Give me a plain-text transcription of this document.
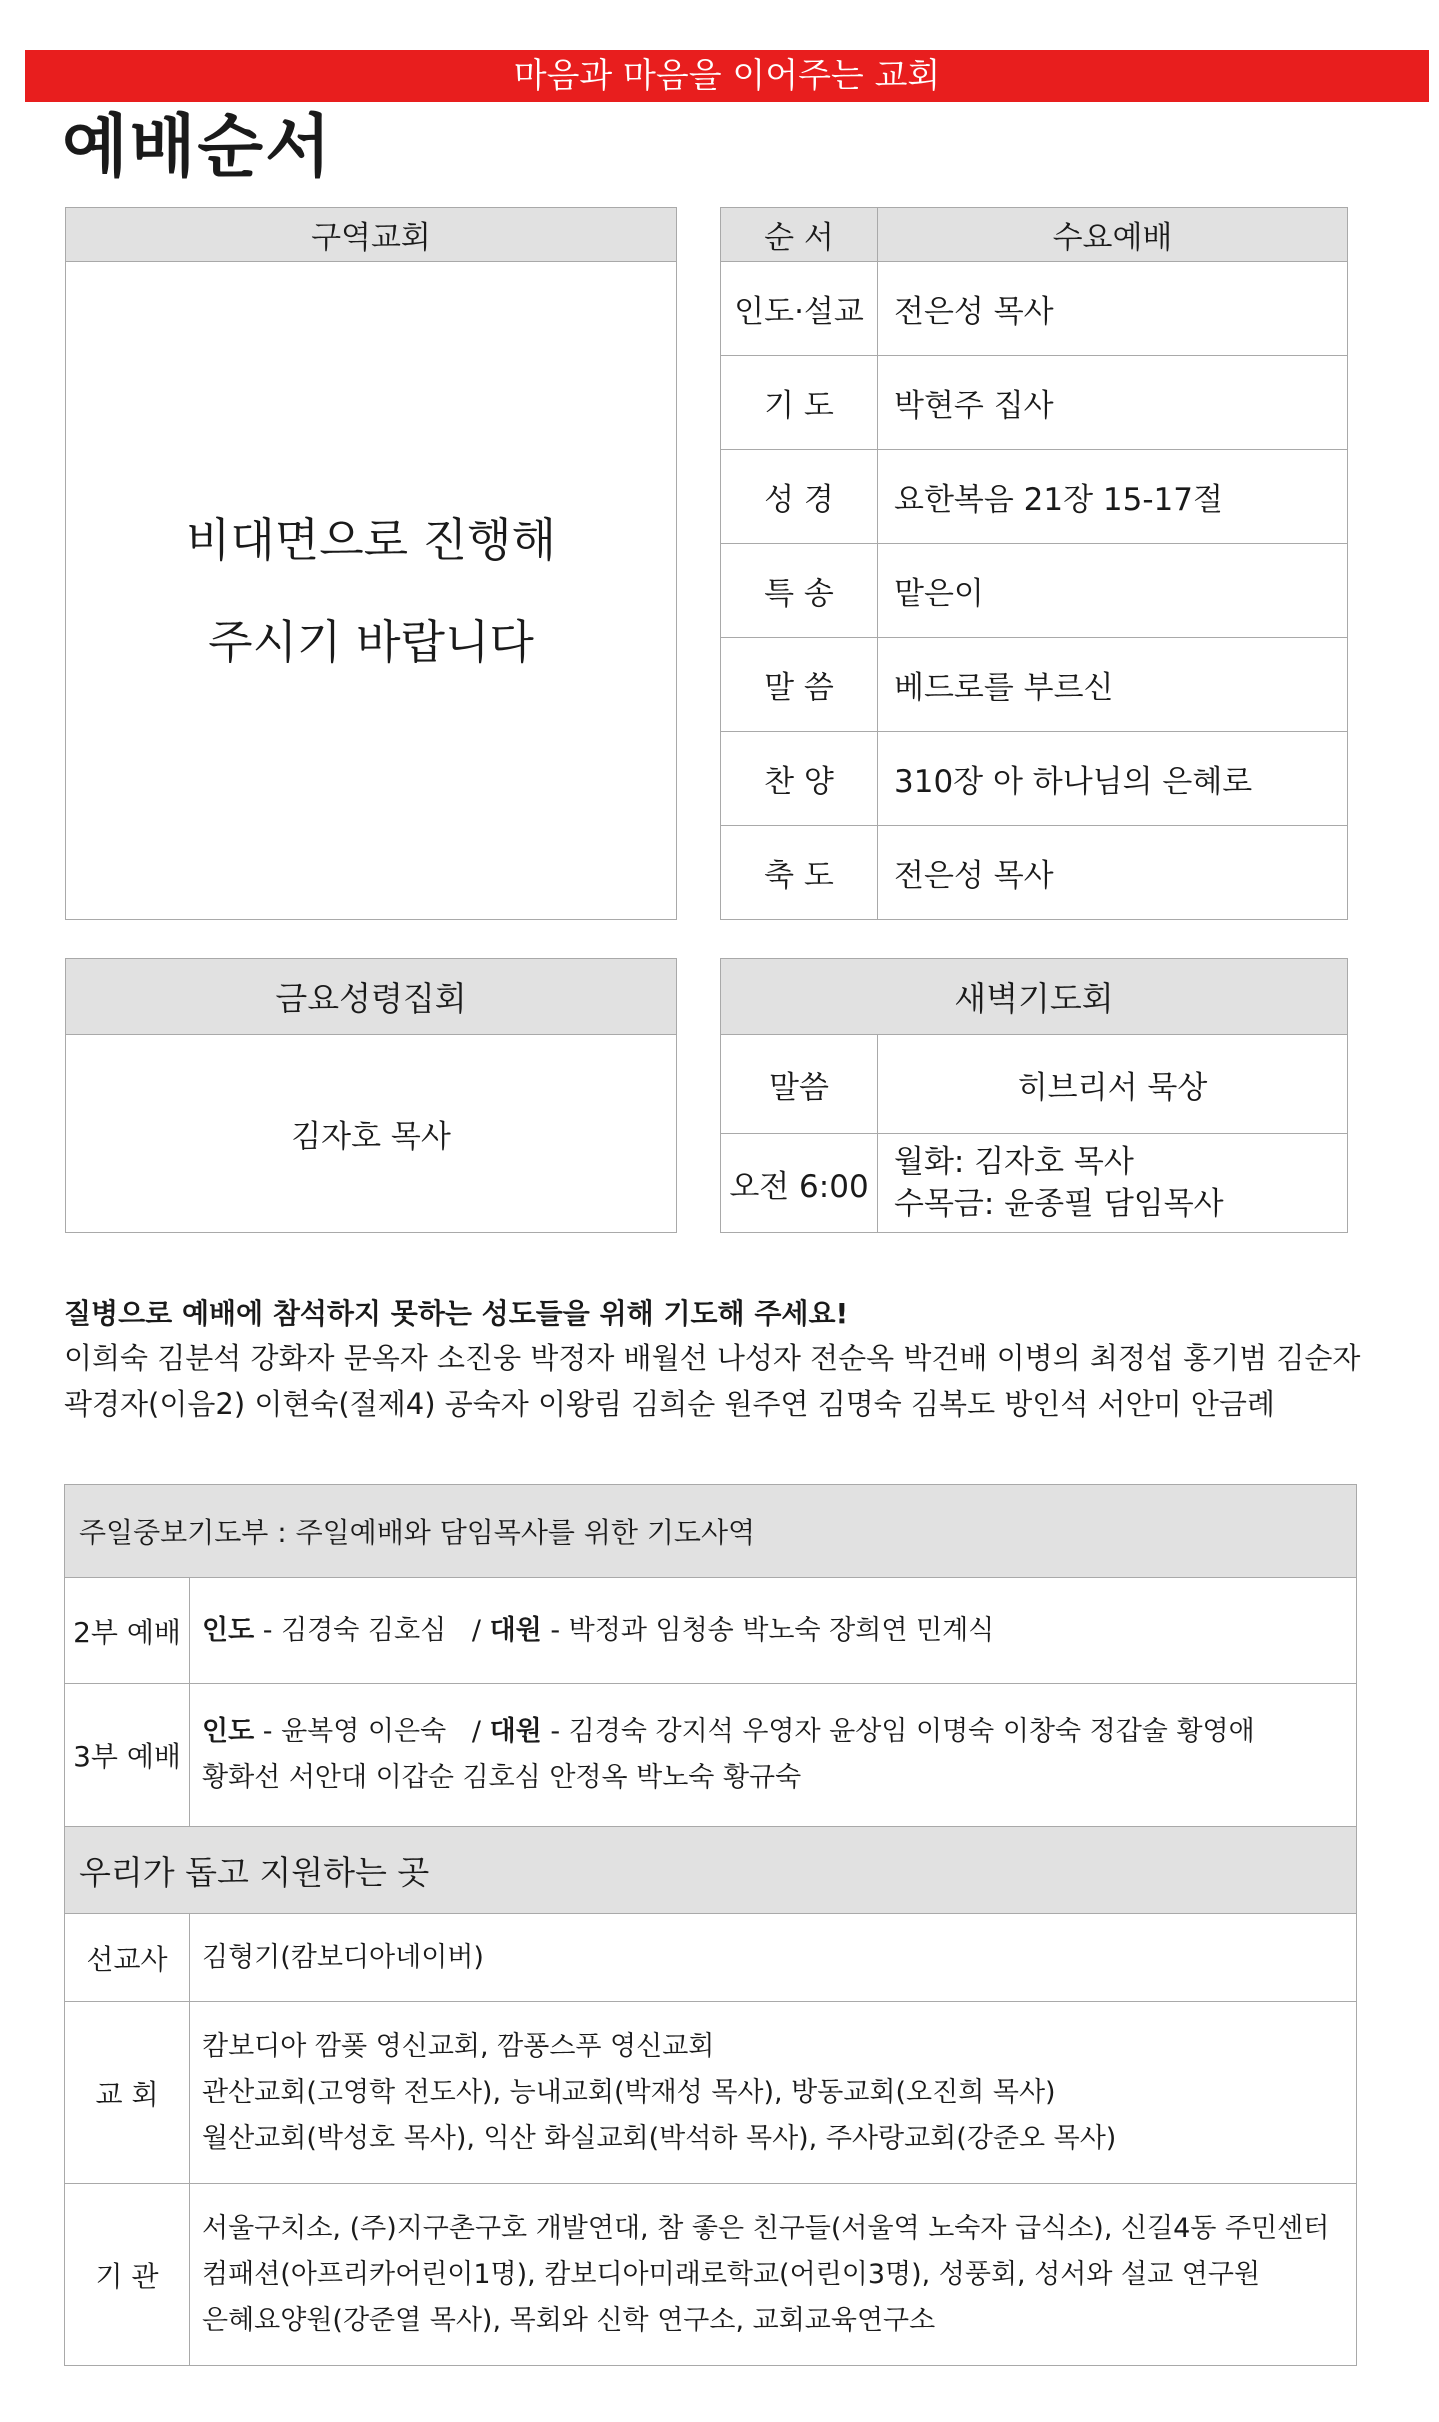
마음과 마음을 이어주는 교회
예배순서
구역교회

비대면으로 진행해
주시기 바랍니다
순 서	수요예배
인도·설교	전은성 목사
기 도	박현주 집사
성 경	요한복음 21장 15-17절
특 송	맡은이
말 씀	베드로를 부르신
찬 양	310장 아 하나님의 은혜로
축 도	전은성 목사
금요성령집회
김자호 목사
새벽기도회	
말씀	히브리서 묵상
오전 6:00	월화: 김자호 목사
수목금: 윤종필 담임목사
질병으로 예배에 참석하지 못하는 성도들을 위해 기도해 주세요!
이희숙 김분석 강화자 문옥자 소진웅 박정자 배월선 나성자 전순옥 박건배 이병의 최정섭 홍기범 김순자
곽경자(이음2) 이현숙(절제4) 공숙자 이왕림 김희순 원주연 김명숙 김복도 방인석 서안미 안금례
주일중보기도부 : 주일예배와 담임목사를 위한 기도사역	
2부 예배	인도 - 김경숙 김호심   / 대원 - 박정과 임청송 박노숙 장희연 민계식
3부 예배	인도 - 윤복영 이은숙   / 대원 - 김경숙 강지석 우영자 윤상임 이명숙 이창숙 정갑술 황영애
황화선 서안대 이갑순 김호심 안정옥 박노숙 황규숙

우리가 돕고 지원하는 곳	
선교사	김형기(캄보디아네이버)
교 회	캄보디아 깜퐂 영신교회, 깜퐁스푸 영신교회
관산교회(고영학 전도사), 능내교회(박재성 목사), 방동교회(오진희 목사)
월산교회(박성호 목사), 익산 화실교회(박석하 목사), 주사랑교회(강준오 목사)

기 관	서울구치소, (주)지구촌구호 개발연대, 참 좋은 친구들(서울역 노숙자 급식소), 신길4동 주민센터
컴패션(아프리카어린이1명), 캄보디아미래로학교(어린이3명), 성풍회, 성서와 설교 연구원
은혜요양원(강준열 목사), 목회와 신학 연구소, 교회교육연구소
